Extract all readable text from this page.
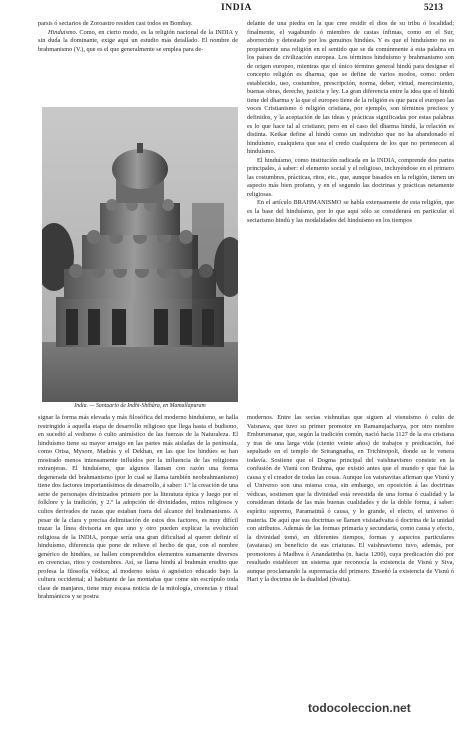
INDIA	5213

parsis ó sectarios de Zoroastro residen casi todos en Bombay.

Hinduismo. Como, en cierto modo, es la religión nacional de la INDIA y sin duda la dominante, exige aquí un estudio más detallado. El nombre de brahmanismo (V.), que es el que generalmente se emplea para de-

India. — Santuario de Indhi-Shthâra, en Mamallapuram

delante de una piedra en la que cree residir el dios de su tribu ó localidad; finalmente, el vagabundo ó miembro de castas ínfimas, como en el Sur, aborrecido y detestado por los genuinos hindúes. Y es que el hinduísmo no es propiamente una religión en el sentido que se da comúnmente á esta palabra en los países de civilización europea. Los términos hinduísmo y brahmanismo son de origen europeo, mientras que el único término general hindú para designar el concepto religión es dharma, que se define de varios modos, como: orden establecido, uso, costumbre, prescripción, norma, deber, virtud, merecimiento, buenas obras, derecho, justicia y ley. La gran diferencia entre la idea que el hindú tiene del dharma y la que el europeo tiene de la religión es que para el europeo las voces Cristianismo ó religión cristiana, por ejemplo, son términos precisos y definidos, y la aceptación de las ideas y prácticas significadas por estas palabras es lo que hace tal al cristiano; pero en el caso del dharma hindú, la relación es distinta. Ketkar define al hindú como un individuo que no ha abandonado el hinduísmo, cualquiera que sea el credo cualquiera de los que no pertenecen al hinduísmo.

El hinduísmo, como institución radicada en la INDIA, comprende dos partes principales, á saber: el elemento social y el religioso, incluyéndose en el primero las costumbres, prácticas, ritos, etc., que, aunque basados en la religión, tienen un aspecto más bien profano, y en el segundo las doctrinas y prácticas netamente religiosas.

En el artículo BRAHMANISMO se habla extensamente de esta religión, que es la base del hinduísmo, por lo que aquí sólo se considerará en particular el sectarismo hindú y las modalidades del hinduísmo en los tiempos

signar la forma más elevada y más filosófica del moderno hinduísmo, se halla restringido á aquella etapa de desarrollo religioso que llega hasta el budismo, en sucedió al vedismo ó culto animístico de las fuerzas de la Naturaleza. El hinduísmo tiene su mayor arraigo en las partes más aisladas de la península, como Orisa, Mysore, Madrás y el Dekhan, en las que los hindúes se han mostrado menos intensamente influidos por la influencia de las religiones extranjeras. El hinduísmo, que algunos llaman con razón una forma degenerada del brahmanismo (por lo cual se llama también neobrahmanismo) tiene dos factores importantísimos de desarrollo, á saber: 1.º la creación de una serie de personajes divinizados primero por la literatura épica y luego por el folklore y la tradición, y 2.º la adopción de divinidades, mitos religiosos y cultos derivados de razas que estaban fuera del alcance del brahmanismo. A pesar de la clara y precisa delimitación de estos dos factores, es muy difícil trazar la línea divisoria en que uno y otro pueden explicar la evolución religiosa de la INDIA, porque sería una gran dificultad al querer definir el hinduísmo, diferencia que pone de relieve el hecho de que, con el nombre genérico de hindúes, se hallen comprendidos elementos sumamente diversos en creencias, ritos y costumbres. Así, se llama hindú al brahmán erudito que profesa la filosofía védica; al moderno teísta ó agnóstico educado bajo la cultura occidental; al habitante de las montañas que come sin escrúpulo toda clase de manjares, tiene muy escasa noticia de la mitología, creencias y ritual brahmánicos y se postra

modernos. Entre las sectas vishnuítas que siguen al visnuismo ó culto de Vaisnava, que tuvo su primer promotor en Ramanujacharya, por otro nombre Emburumanar, que, según la tradición común, nació hacia 1127 de la era cristiana y tras de una larga vida (ciento veinte años) de trabajos y predicación, fué sepultado en el templo de Srirangnatha, en Trichinopoli, donde se le venera todavía. Sostiene que el Dogma principal del vaishnavismo consiste en la confusión de Visnú con Brahma, que existió antes que el mundo y que fué la causa y el creador de todas las cosas. Aunque los vaisnavitas afirman que Visnú y el Universo son una misma cosa, sin embargo, en oposición á las doctrinas védicas, sostienen que la divinidad está revestida de una forma ó cualidad y la consideran dotada de las más buenas cualidades y de la doble forma, á saber: espíritu supremo, Paramatmâ ó causa, y lo grande, el efecto, el universo ó materia. De aquí que sus doctrinas se llamen visistadvaita ó doctrina de la unidad con atributos. Además de las formas primaria y secundaria, como causa y efecto, la divinidad tomó, en diferentes tiempos, formas y aspectos particulares (avataras) en beneficio de sus criaturas. El vaishnavismo tuvo, además, por promotores á Madhva ó Anandatirtha (n. hacia 1200), cuya predicación dió por resultado establecer un sistema que reconocía la existencia de Visnú y Siva, aunque proclamando la supremacía del primero. Enseñó la existencia de Visnú ó Hari y la doctrina de la dualidad (dvaita).

todocoleccion.net
